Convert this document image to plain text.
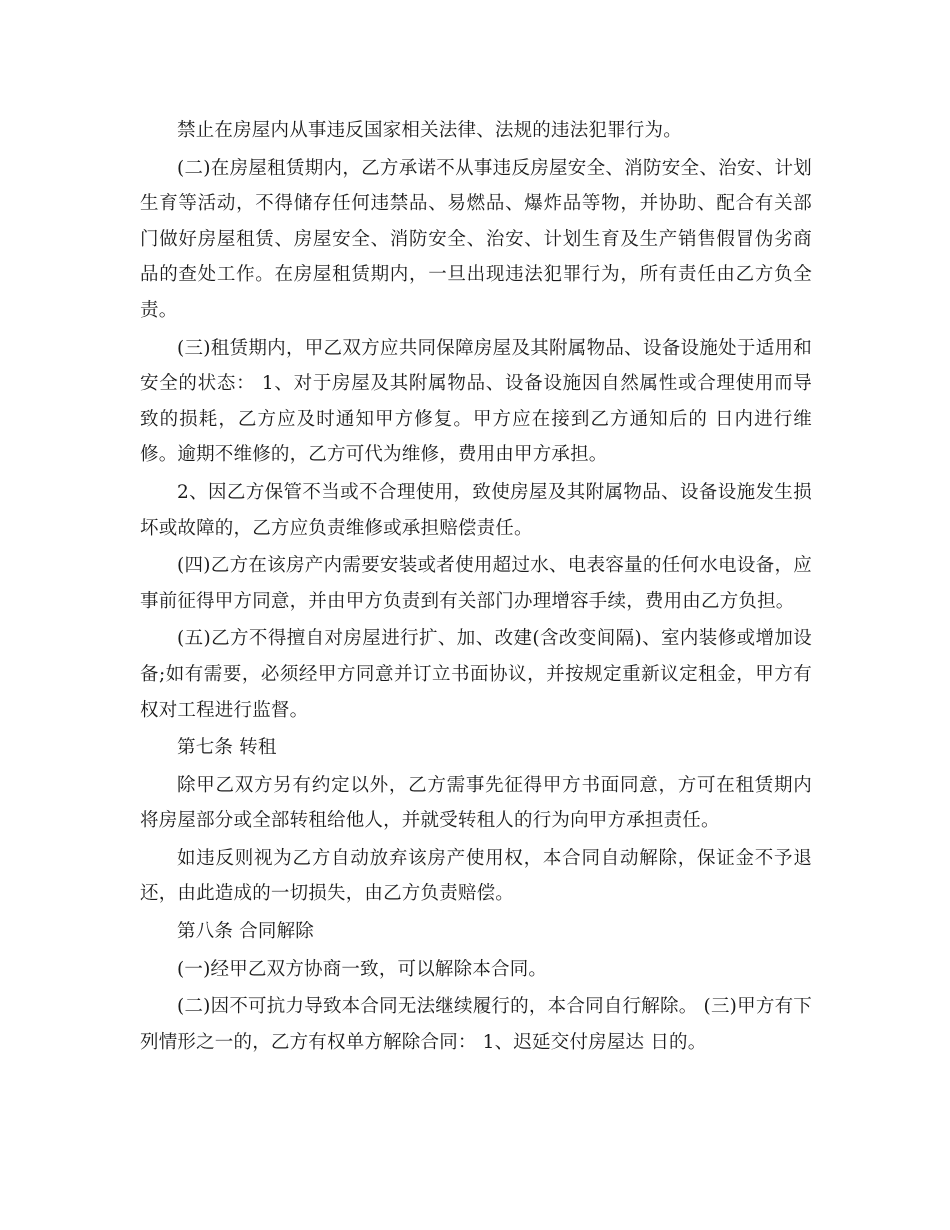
禁止在房屋内从事违反国家相关法律、法规的违法犯罪行为。

(二)在房屋租赁期内，乙方承诺不从事违反房屋安全、消防安全、治安、计划生育等活动，不得储存任何违禁品、易燃品、爆炸品等物，并协助、配合有关部门做好房屋租赁、房屋安全、消防安全、治安、计划生育及生产销售假冒伪劣商品的查处工作。在房屋租赁期内，一旦出现违法犯罪行为，所有责任由乙方负全责。

(三)租赁期内，甲乙双方应共同保障房屋及其附属物品、设备设施处于适用和安全的状态： 1、对于房屋及其附属物品、设备设施因自然属性或合理使用而导致的损耗，乙方应及时通知甲方修复。甲方应在接到乙方通知后的 日内进行维修。逾期不维修的，乙方可代为维修，费用由甲方承担。

2、因乙方保管不当或不合理使用，致使房屋及其附属物品、设备设施发生损坏或故障的，乙方应负责维修或承担赔偿责任。

(四)乙方在该房产内需要安装或者使用超过水、电表容量的任何水电设备，应事前征得甲方同意，并由甲方负责到有关部门办理增容手续，费用由乙方负担。

(五)乙方不得擅自对房屋进行扩、加、改建(含改变间隔)、室内装修或增加设备;如有需要，必须经甲方同意并订立书面协议，并按规定重新议定租金，甲方有权对工程进行监督。

第七条 转租

除甲乙双方另有约定以外，乙方需事先征得甲方书面同意，方可在租赁期内将房屋部分或全部转租给他人，并就受转租人的行为向甲方承担责任。

如违反则视为乙方自动放弃该房产使用权，本合同自动解除，保证金不予退还，由此造成的一切损失，由乙方负责赔偿。

第八条 合同解除

(一)经甲乙双方协商一致，可以解除本合同。

(二)因不可抗力导致本合同无法继续履行的，本合同自行解除。 (三)甲方有下列情形之一的，乙方有权单方解除合同： 1、迟延交付房屋达 日的。
